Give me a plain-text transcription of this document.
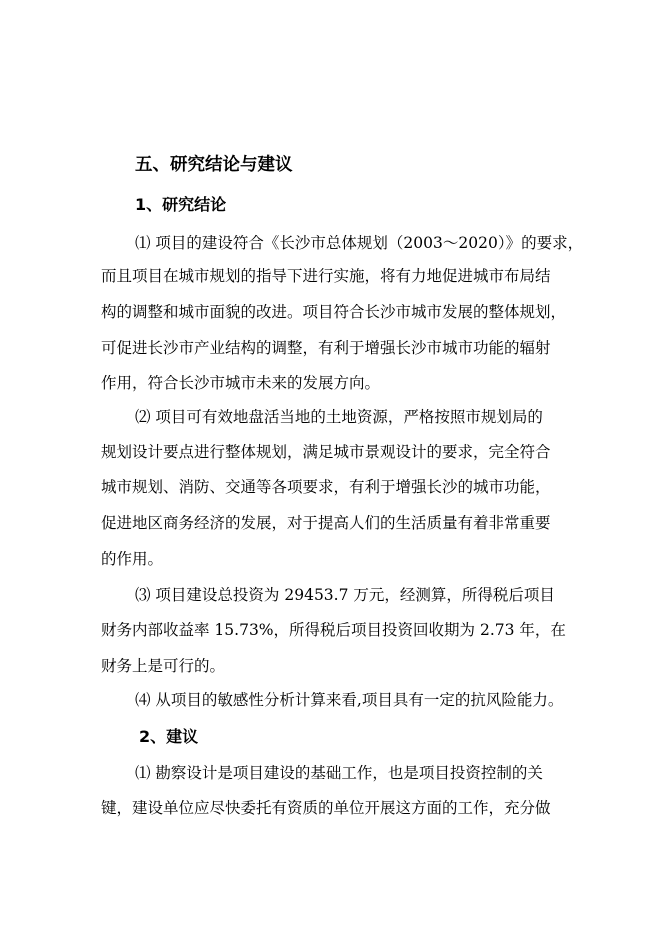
五、研究结论与建议
1、研究结论
⑴ 项目的建设符合《长沙市总体规划（2003～2020）》的要求，
而且项目在城市规划的指导下进行实施，将有力地促进城市布局结
构的调整和城市面貌的改进。项目符合长沙市城市发展的整体规划，
可促进长沙市产业结构的调整，有利于增强长沙市城市功能的辐射
作用，符合长沙市城市未来的发展方向。
⑵ 项目可有效地盘活当地的土地资源，严格按照市规划局的
规划设计要点进行整体规划，满足城市景观设计的要求，完全符合
城市规划、消防、交通等各项要求，有利于增强长沙的城市功能，
促进地区商务经济的发展，对于提高人们的生活质量有着非常重要
的作用。
⑶ 项目建设总投资为 29453.7 万元，经测算，所得税后项目
财务内部收益率 15.73%，所得税后项目投资回收期为 2.73 年，在
财务上是可行的。
⑷ 从项目的敏感性分析计算来看,项目具有一定的抗风险能力。
2、建议
⑴ 勘察设计是项目建设的基础工作，也是项目投资控制的关
键，建设单位应尽快委托有资质的单位开展这方面的工作，充分做
